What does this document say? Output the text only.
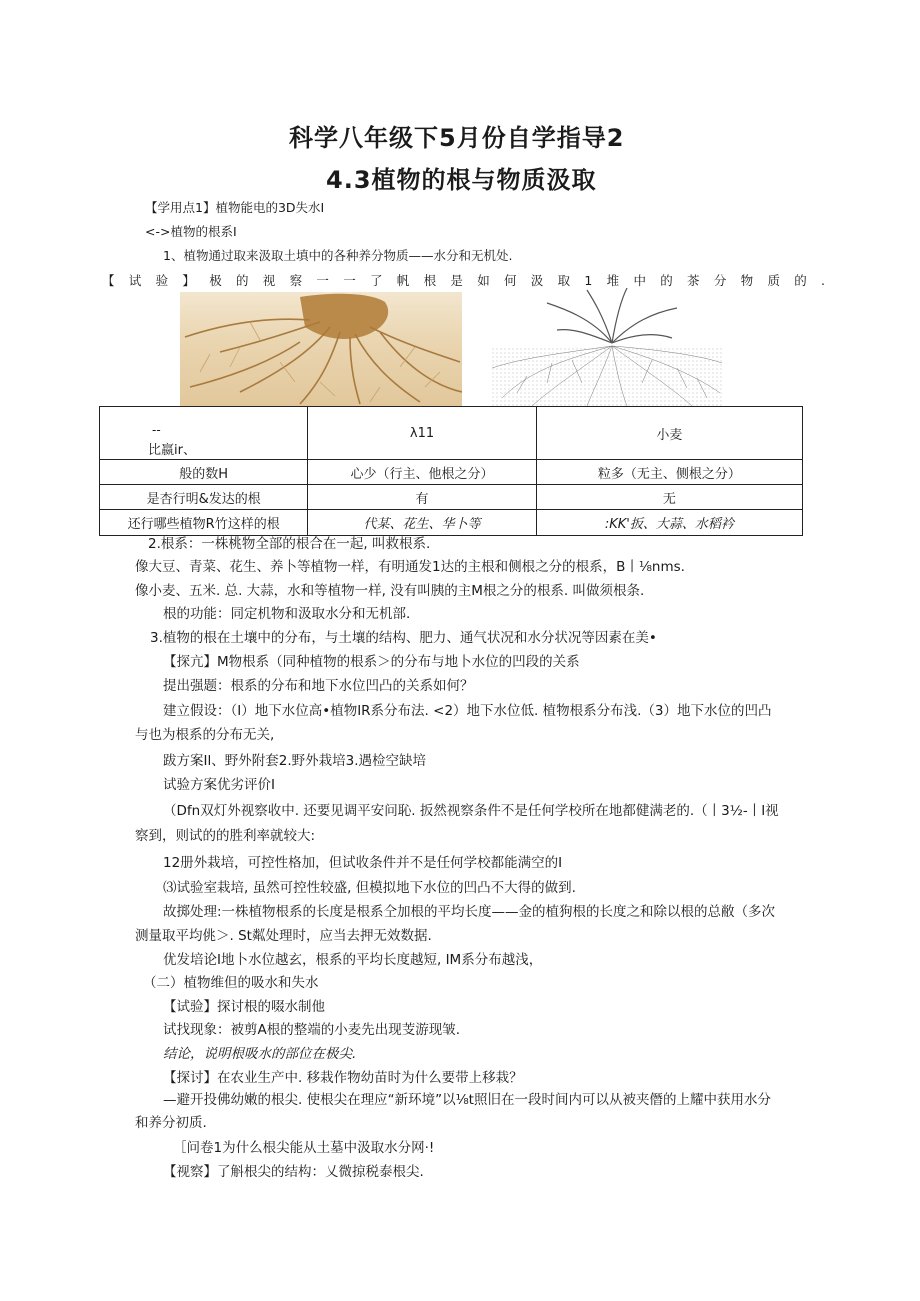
科学八年级下5月份自学指导2
4.3植物的根与物质汲取
【学用点1】植物能电的3D失水I
<->植物的根系I
1、植物通过取来汲取土填中的各种养分物质——水分和无机处.
【试验】极的视察一一了帆根是如何汲取1堆中的茶分物质的.
--
比嬴ir、	λ11	小麦
般的数H	心少（行主、他根之分）	粒多（无主、侧根之分）
是杏行明&发达的根	有	无
还行哪些植物R竹这样的根	代某、花生、华卜等	:KK'扳、大蒜、水稻衿
2.根系：一株桃物全部的根合在一起, 叫救根系.
像大豆、青菜、花生、养卜等植物一样，有明通发1达的主根和侧根之分的根系，B丨⅛nms.
像小麦、五米. 总. 大蒜，水和等植物一样, 没有叫胰的主M根之分的根系. 叫做须根条.
根的功能：同定机物和汲取水分和无机部.
3.植物的根在土壤中的分布，与土壤的结构、肥力、通气状况和水分状况等因素在美•
【探亢】M物根系（同种植物的根系＞的分布与地卜水位的凹段的关系
提出强题：根系的分布和地下水位凹凸的关系如何？
建立假设：（I）地下水位高•植物IR系分布法. <2）地下水位低. 植物根系分布浅.（3）地下水位的凹凸
与也为根系的分布无关,
跋方案Il、野外附套2.野外栽培3.遇检空缺培
试验方案优劣评价I
（Dfn双灯外视察收中. 还要见调平安问恥. 扳然视察条件不是任何学校所在地都健满老的.（丨3½-丨I视
察到，则试的的胜利率就较大:
12册外栽培，可控性格加，但试收条件并不是任何学校都能满空的I
⑶试验室栽培, 虽然可控性较盛, 但模拟地下水位的凹凸不大得的做到.
故掷处理:一株植物根系的长度是根系仝加根的平均长度——金的植狗根的长度之和除以根的总敝（多次
测量取平均佻＞. St粼处理时，应当去押无效数据.
优发培论I地卜水位越玄，根系的平均长度越短, IM系分布越浅，
（二）植物维但的吸水和失水
【试验】探讨根的啜水制他
试找现象：被剪A根的整端的小麦先出现芰游现皱.
结论，说明根吸水的部位在极尖.
【探讨】在农业生产中. 移栽作物幼苗时为什么要带上移栽？
—避开投佛幼嫩的根尖. 使根尖在理应“新环境”以⅛t照旧在一段时间内可以从被夹僭的上耀中获用水分
和养分初质.
［问卷1为什么根尖能从土墓中汲取水分网·!
【视察】了斛根尖的结构：乂微掠税泰根尖.
